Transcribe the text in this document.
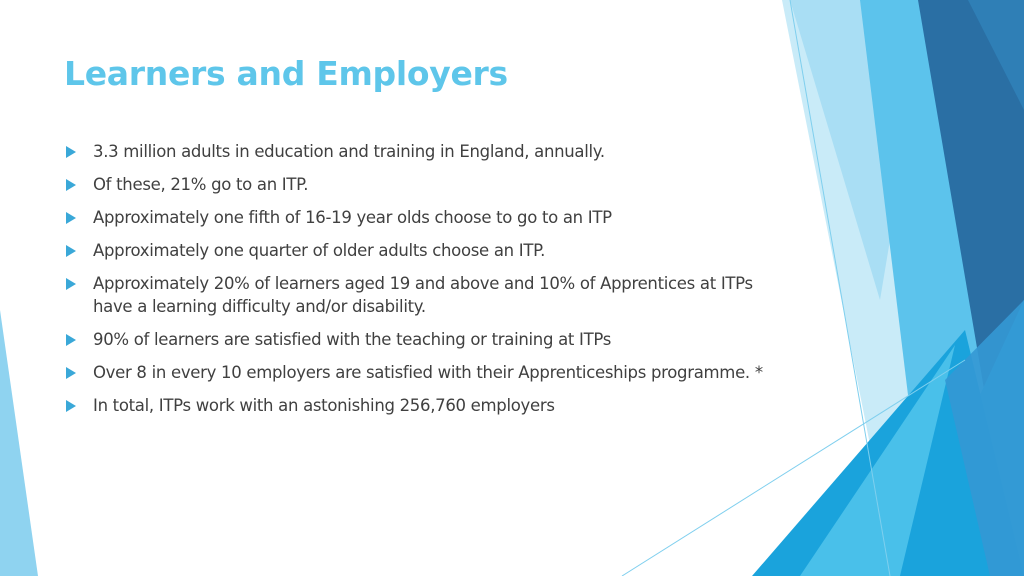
Learners and Employers
3.3 million adults in education and training in England, annually.
Of these, 21% go to an ITP.
Approximately one fifth of 16-19 year olds choose to go to an ITP
Approximately one quarter of older adults choose an ITP.
Approximately 20% of learners aged 19 and above and 10% of Apprentices at ITPs have a learning difficulty and/or disability.
90% of learners are satisfied with the teaching or training at ITPs
Over 8 in every 10 employers are satisfied with their Apprenticeships programme. *
In total, ITPs work with an astonishing 256,760 employers
